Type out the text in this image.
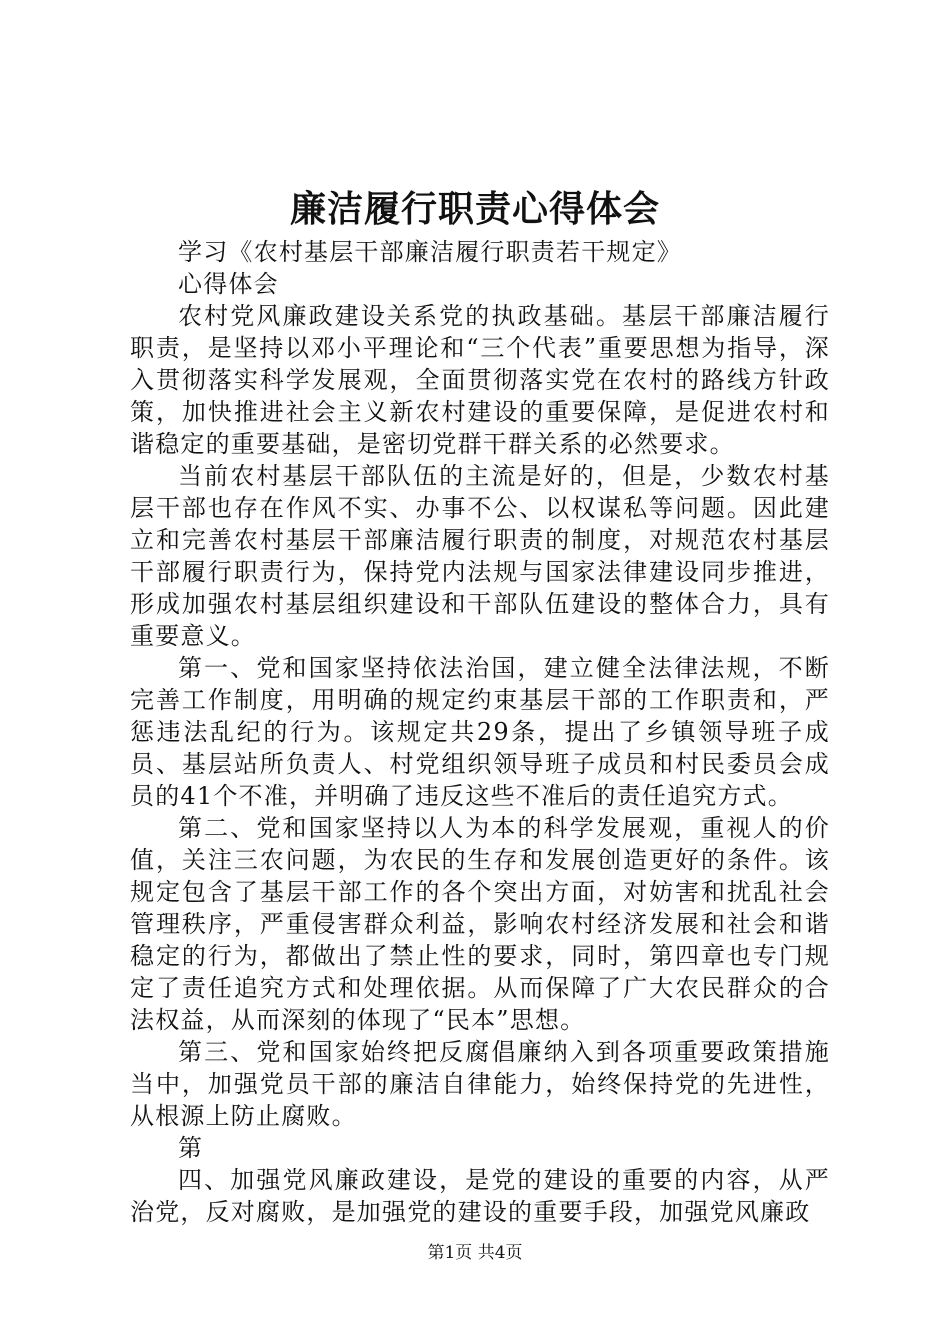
廉洁履行职责心得体会

学习《农村基层干部廉洁履行职责若干规定》

心得体会

农村党风廉政建设关系党的执政基础。基层干部廉洁履行职责，是坚持以邓小平理论和“三个代表”重要思想为指导，深入贯彻落实科学发展观，全面贯彻落实党在农村的路线方针政策，加快推进社会主义新农村建设的重要保障，是促进农村和谐稳定的重要基础，是密切党群干群关系的必然要求。

当前农村基层干部队伍的主流是好的，但是，少数农村基层干部也存在作风不实、办事不公、以权谋私等问题。因此建立和完善农村基层干部廉洁履行职责的制度，对规范农村基层干部履行职责行为，保持党内法规与国家法律建设同步推进，形成加强农村基层组织建设和干部队伍建设的整体合力，具有重要意义。

第一、党和国家坚持依法治国，建立健全法律法规，不断完善工作制度，用明确的规定约束基层干部的工作职责和，严惩违法乱纪的行为。该规定共29条，提出了乡镇领导班子成员、基层站所负责人、村党组织领导班子成员和村民委员会成员的41个不准，并明确了违反这些不准后的责任追究方式。

第二、党和国家坚持以人为本的科学发展观，重视人的价值，关注三农问题，为农民的生存和发展创造更好的条件。该规定包含了基层干部工作的各个突出方面，对妨害和扰乱社会管理秩序，严重侵害群众利益，影响农村经济发展和社会和谐稳定的行为，都做出了禁止性的要求，同时，第四章也专门规定了责任追究方式和处理依据。从而保障了广大农民群众的合法权益，从而深刻的体现了“民本”思想。

第三、党和国家始终把反腐倡廉纳入到各项重要政策措施当中，加强党员干部的廉洁自律能力，始终保持党的先进性，从根源上防止腐败。

第

四、加强党风廉政建设，是党的建设的重要的内容，从严治党，反对腐败，是加强党的建设的重要手段，加强党风廉政

第1页 共4页
